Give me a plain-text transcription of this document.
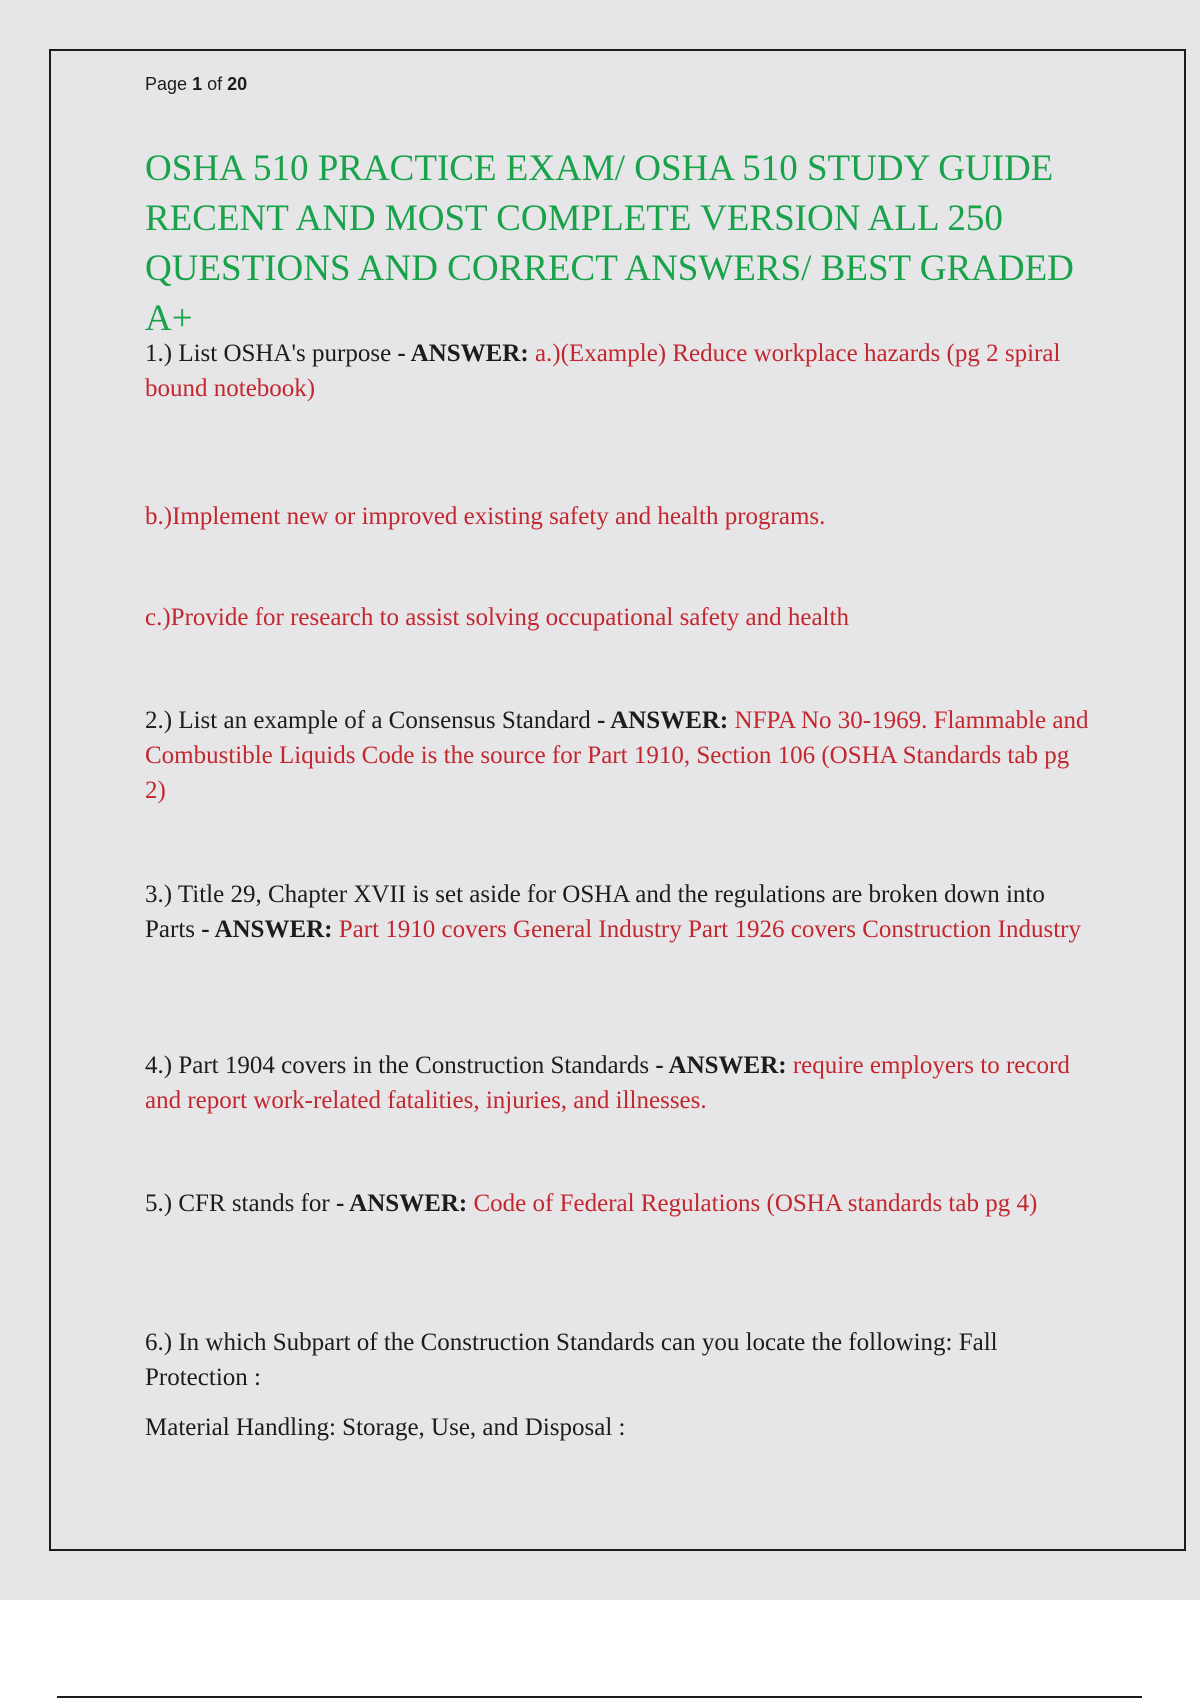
Page 1 of 20
OSHA 510 PRACTICE EXAM/ OSHA 510 STUDY GUIDE RECENT AND MOST COMPLETE VERSION ALL 250 QUESTIONS AND CORRECT ANSWERS/ BEST GRADED A+

1.) List OSHA's purpose - ANSWER: a.)(Example) Reduce workplace hazards (pg 2 spiral bound notebook)

b.)Implement new or improved existing safety and health programs.

c.)Provide for research to assist solving occupational safety and health

2.) List an example of a Consensus Standard - ANSWER: NFPA No 30-1969. Flammable and Combustible Liquids Code is the source for Part 1910, Section 106 (OSHA Standards tab pg 2)

3.) Title 29, Chapter XVII is set aside for OSHA and the regulations are broken down into Parts - ANSWER: Part 1910 covers General Industry Part 1926 covers Construction Industry

4.) Part 1904 covers in the Construction Standards - ANSWER: require employers to record and report work-related fatalities, injuries, and illnesses.

5.) CFR stands for - ANSWER: Code of Federal Regulations (OSHA standards tab pg 4)

6.) In which Subpart of the Construction Standards can you locate the following: Fall Protection :

Material Handling: Storage, Use, and Disposal :
